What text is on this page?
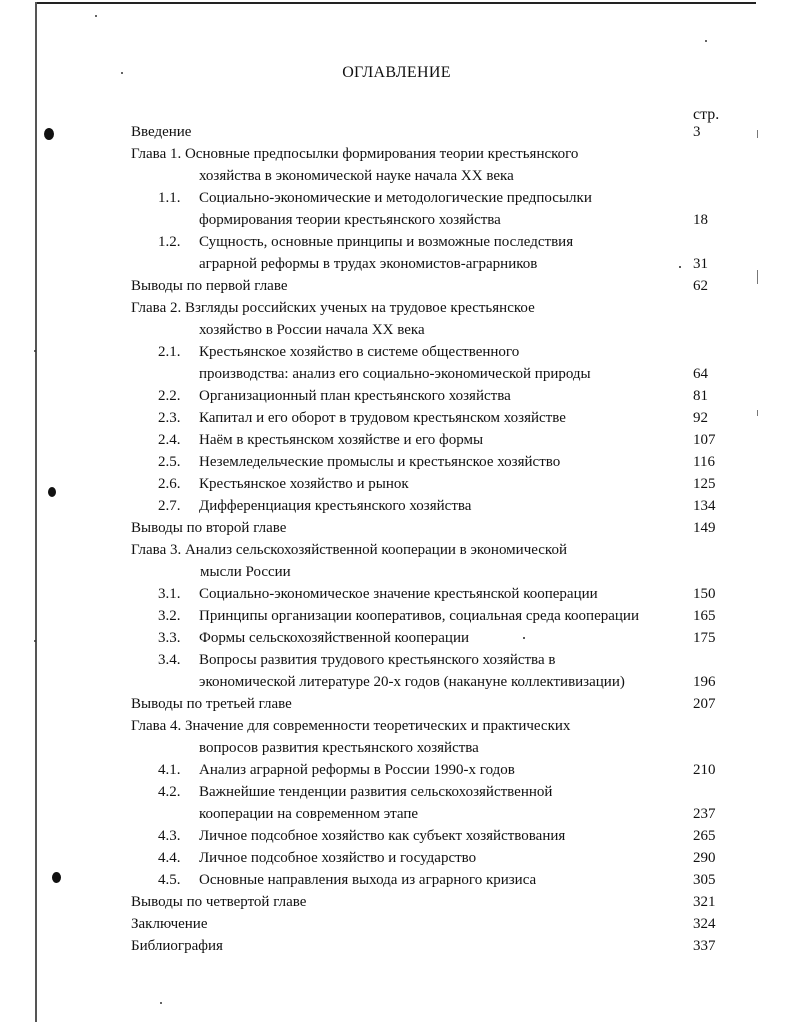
ОГЛАВЛЕНИЕ
стр.
Введение	3
Глава 1. Основные предпосылки формирования теории крестьянского
хозяйства в экономической науке начала XX века
1.1. Социально-экономические и методологические предпосылки
формирования теории крестьянского хозяйства	18
1.2. Сущность, основные принципы и возможные последствия
аграрной реформы в трудах экономистов-аграрников	31
Выводы по первой главе	62
Глава 2. Взгляды российских ученых на трудовое крестьянское
хозяйство в России начала XX века
2.1. Крестьянское хозяйство в системе общественного
производства: анализ его социально-экономической природы	64
2.2. Организационный план крестьянского хозяйства	81
2.3. Капитал и его оборот в трудовом крестьянском хозяйстве	92
2.4. Наём в крестьянском хозяйстве и его формы	107
2.5. Неземледельческие промыслы и крестьянское хозяйство	116
2.6. Крестьянское хозяйство и рынок	125
2.7. Дифференциация крестьянского хозяйства	134
Выводы по второй главе	149
Глава 3. Анализ сельскохозяйственной кооперации в экономической
мысли России
3.1. Социально-экономическое значение крестьянской кооперации	150
3.2. Принципы организации кооперативов, социальная среда кооперации	165
3.3. Формы сельскохозяйственной кооперации	175
3.4. Вопросы развития трудового крестьянского хозяйства в
экономической литературе 20-х годов (накануне коллективизации)	196
Выводы по третьей главе	207
Глава 4. Значение для современности теоретических и практических
вопросов развития крестьянского хозяйства
4.1. Анализ аграрной реформы в России 1990-х годов	210
4.2. Важнейшие тенденции развития сельскохозяйственной
кооперации на современном этапе	237
4.3. Личное подсобное хозяйство как субъект хозяйствования	265
4.4. Личное подсобное хозяйство и государство	290
4.5. Основные направления выхода из аграрного кризиса	305
Выводы по четвертой главе	321
Заключение	324
Библиография	337
